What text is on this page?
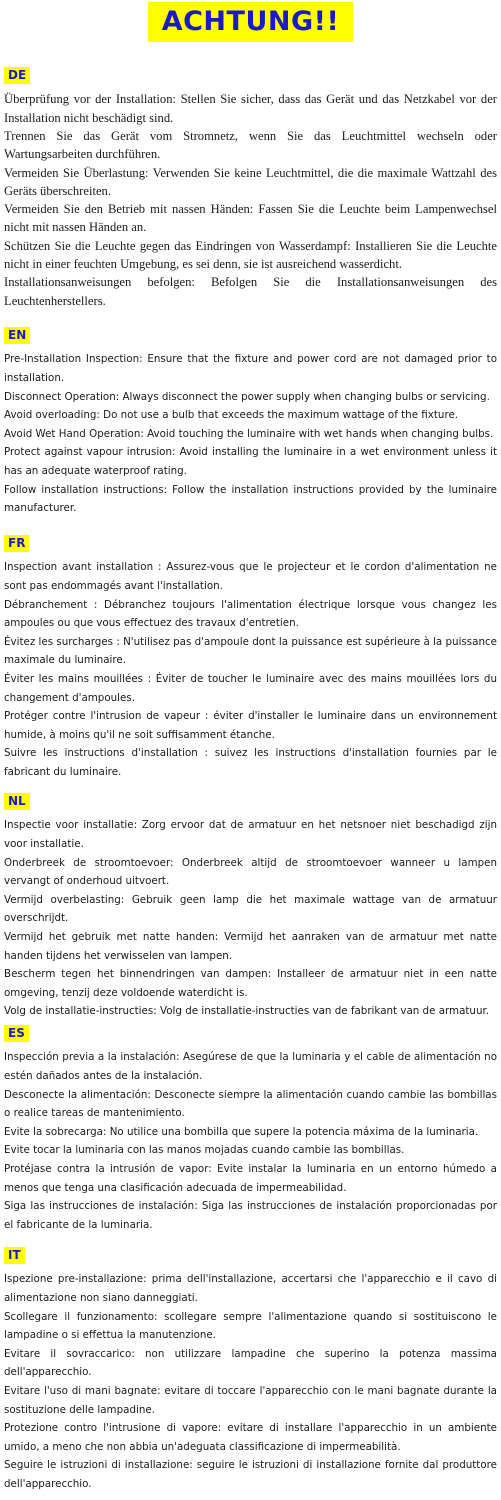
ACHTUNG!!
DE

Überprüfung vor der Installation: Stellen Sie sicher, dass das Gerät und das Netzkabel vor der Installation nicht beschädigt sind.

Trennen Sie das Gerät vom Stromnetz, wenn Sie das Leuchtmittel wechseln oder Wartungsarbeiten durchführen.

Vermeiden Sie Überlastung: Verwenden Sie keine Leuchtmittel, die die maximale Wattzahl des Geräts überschreiten.

Vermeiden Sie den Betrieb mit nassen Händen: Fassen Sie die Leuchte beim Lampenwechsel nicht mit nassen Händen an.

Schützen Sie die Leuchte gegen das Eindringen von Wasserdampf: Installieren Sie die Leuchte nicht in einer feuchten Umgebung, es sei denn, sie ist ausreichend wasserdicht.

Installationsanweisungen befolgen: Befolgen Sie die Installationsanweisungen des Leuchtenherstellers.

EN

Pre-Installation Inspection: Ensure that the fixture and power cord are not damaged prior to installation.

Disconnect Operation: Always disconnect the power supply when changing bulbs or servicing.

Avoid overloading: Do not use a bulb that exceeds the maximum wattage of the fixture.

Avoid Wet Hand Operation: Avoid touching the luminaire with wet hands when changing bulbs.

Protect against vapour intrusion: Avoid installing the luminaire in a wet environment unless it has an adequate waterproof rating.

Follow installation instructions: Follow the installation instructions provided by the luminaire manufacturer.

FR

Inspection avant installation : Assurez-vous que le projecteur et le cordon d'alimentation ne sont pas endommagés avant l'installation.

Débranchement : Débranchez toujours l'alimentation électrique lorsque vous changez les ampoules ou que vous effectuez des travaux d'entretien.

Évitez les surcharges : N'utilisez pas d'ampoule dont la puissance est supérieure à la puissance maximale du luminaire.

Éviter les mains mouillées : Éviter de toucher le luminaire avec des mains mouillées lors du changement d'ampoules.

Protéger contre l'intrusion de vapeur : éviter d'installer le luminaire dans un environnement humide, à moins qu'il ne soit suffisamment étanche.

Suivre les instructions d'installation : suivez les instructions d'installation fournies par le fabricant du luminaire.

NL

Inspectie voor installatie: Zorg ervoor dat de armatuur en het netsnoer niet beschadigd zijn voor installatie.

Onderbreek de stroomtoevoer: Onderbreek altijd de stroomtoevoer wanneer u lampen vervangt of onderhoud uitvoert.

Vermijd overbelasting: Gebruik geen lamp die het maximale wattage van de armatuur overschrijdt.

Vermijd het gebruik met natte handen: Vermijd het aanraken van de armatuur met natte handen tijdens het verwisselen van lampen.

Bescherm tegen het binnendringen van dampen: Installeer de armatuur niet in een natte omgeving, tenzij deze voldoende waterdicht is.

Volg de installatie-instructies: Volg de installatie-instructies van de fabrikant van de armatuur.

ES

Inspección previa a la instalación: Asegúrese de que la luminaria y el cable de alimentación no estén dañados antes de la instalación.

Desconecte la alimentación: Desconecte siempre la alimentación cuando cambie las bombillas o realice tareas de mantenimiento.

Evite la sobrecarga: No utilice una bombilla que supere la potencia máxima de la luminaria.

Evite tocar la luminaria con las manos mojadas cuando cambie las bombillas.

Protéjase contra la intrusión de vapor: Evite instalar la luminaria en un entorno húmedo a menos que tenga una clasificación adecuada de impermeabilidad.

Siga las instrucciones de instalación: Siga las instrucciones de instalación proporcionadas por el fabricante de la luminaria.

IT

Ispezione pre-installazione: prima dell'installazione, accertarsi che l'apparecchio e il cavo di alimentazione non siano danneggiati.

Scollegare il funzionamento: scollegare sempre l'alimentazione quando si sostituiscono le lampadine o si effettua la manutenzione.

Evitare il sovraccarico: non utilizzare lampadine che superino la potenza massima dell'apparecchio.

Evitare l'uso di mani bagnate: evitare di toccare l'apparecchio con le mani bagnate durante la sostituzione delle lampadine.

Protezione contro l'intrusione di vapore: evitare di installare l'apparecchio in un ambiente umido, a meno che non abbia un'adeguata classificazione di impermeabilità.

Seguire le istruzioni di installazione: seguire le istruzioni di installazione fornite dal produttore dell'apparecchio.
